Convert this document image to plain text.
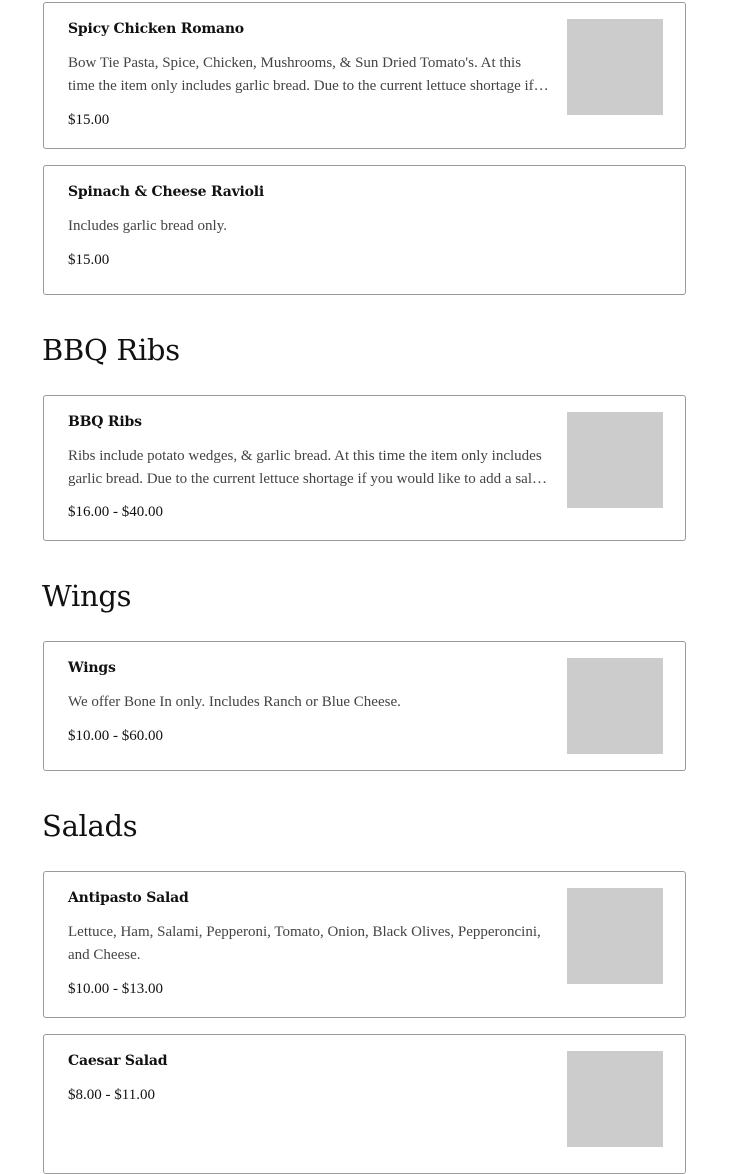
Spicy Chicken Romano
Bow Tie Pasta, Spice, Chicken, Mushrooms, & Sun Dried Tomato's. At this time the item only includes garlic bread. Due to the current lettuce shortage if
$15.00
Spinach & Cheese Ravioli
Includes garlic bread only.
$15.00
BBQ Ribs
BBQ Ribs
Ribs include potato wedges, & garlic bread. At this time the item only includes garlic bread. Due to the current lettuce shortage if you would like to add a salad
$16.00 - $40.00
Wings
Wings
We offer Bone In only. Includes Ranch or Blue Cheese.
$10.00 - $60.00
Salads
Antipasto Salad
Lettuce, Ham, Salami, Pepperoni, Tomato, Onion, Black Olives, Pepperoncini, and Cheese.
$10.00 - $13.00
Caesar Salad
$8.00 - $11.00
